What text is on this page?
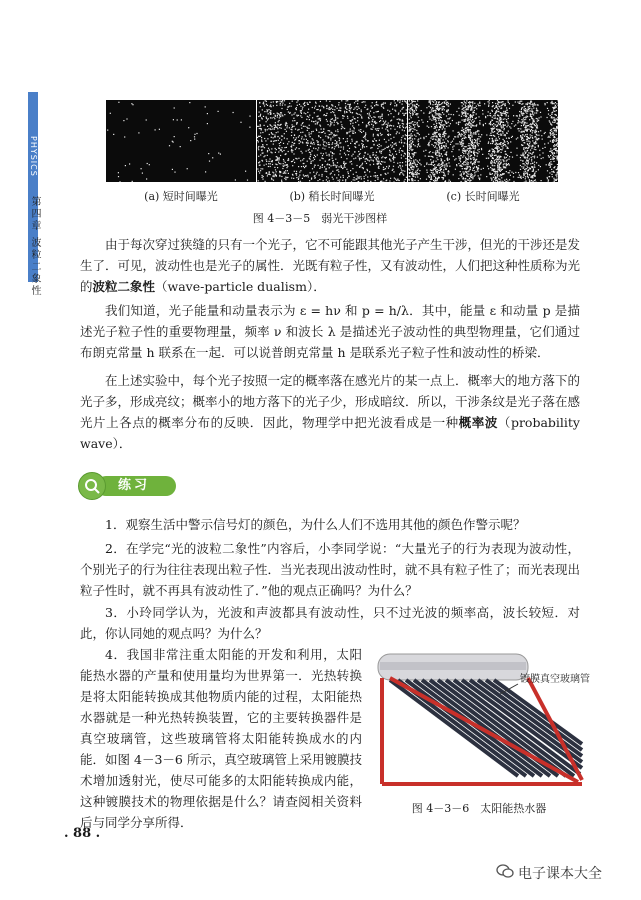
PHYSICS
第四章 波粒二象性	(a) 短时间曝光	(b) 稍长时间曝光	(c) 长时间曝光
图 4－3－5　弱光干涉图样

由于每次穿过狭缝的只有一个光子，它不可能跟其他光子产生干涉，但光的干涉还是发生了．可见，波动性也是光子的属性．光既有粒子性，又有波动性，人们把这种性质称为光的波粒二象性（wave-particle dualism）．

我们知道，光子能量和动量表示为 ε = hν 和 p = h/λ．其中，能量 ε 和动量 p 是描述光子粒子性的重要物理量，频率 ν 和波长 λ 是描述光子波动性的典型物理量，它们通过布朗克常量 h 联系在一起．可以说普朗克常量 h 是联系光子粒子性和波动性的桥梁．

在上述实验中，每个光子按照一定的概率落在感光片的某一点上．概率大的地方落下的光子多，形成亮纹；概率小的地方落下的光子少，形成暗纹．所以，干涉条纹是光子落在感光片上各点的概率分布的反映．因此，物理学中把光波看成是一种概率波（probability wave）．

练习

1．观察生活中警示信号灯的颜色，为什么人们不选用其他的颜色作警示呢？

2．在学完“光的波粒二象性”内容后，小李同学说：“大量光子的行为表现为波动性，个别光子的行为往往表现出粒子性．当光表现出波动性时，就不具有粒子性了；而光表现出粒子性时，就不再具有波动性了．”他的观点正确吗？为什么？

3．小玲同学认为，光波和声波都具有波动性，只不过光波的频率高，波长较短．对此，你认同她的观点吗？为什么？

4．我国非常注重太阳能的开发和利用，太阳能热水器的产量和使用量均为世界第一．光热转换是将太阳能转换成其他物质内能的过程，太阳能热水器就是一种光热转换装置，它的主要转换器件是真空玻璃管，这些玻璃管将太阳能转换成水的内能．如图 4－3－6 所示，真空玻璃管上采用镀膜技术增加透射光，使尽可能多的太阳能转换成内能，这种镀膜技术的物理依据是什么？请查阅相关资料后与同学分享所得．

镀膜真空玻璃管
图 4－3－6　太阳能热水器
. 88 .
电子课本大全
